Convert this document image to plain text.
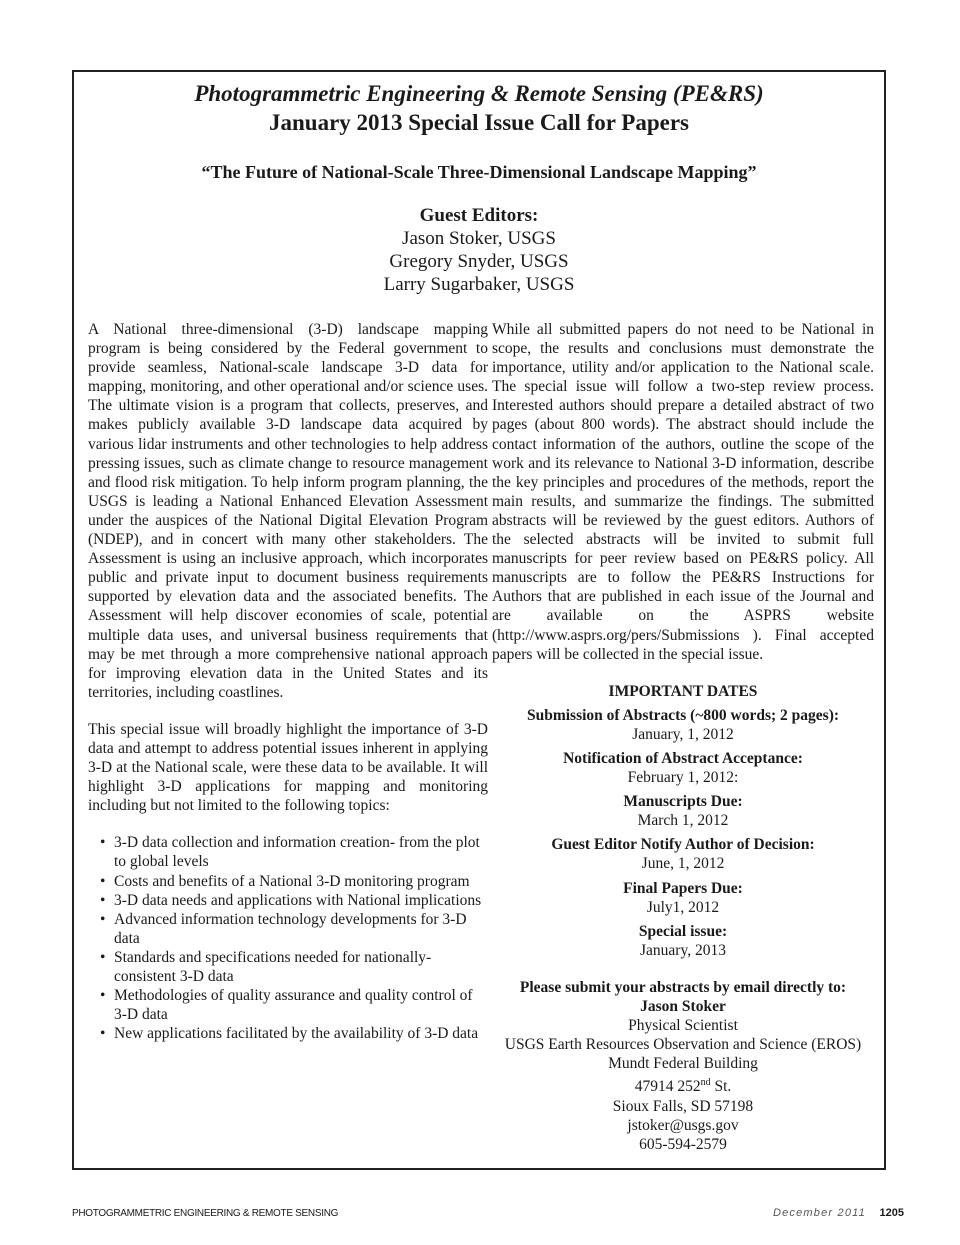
Photogrammetric Engineering & Remote Sensing (PE&RS)
January 2013 Special Issue Call for Papers
“The Future of National-Scale Three-Dimensional Landscape Mapping”
Guest Editors:
Jason Stoker, USGS
Gregory Snyder, USGS
Larry Sugarbaker, USGS

A National three-dimensional (3-D) landscape mapping program is being considered by the Federal government to provide seamless, National-scale landscape 3-D data for mapping, monitoring, and other operational and/or science uses. The ultimate vision is a program that collects, preserves, and makes publicly available 3-D landscape data acquired by various lidar instruments and other technologies to help address pressing issues, such as climate change to resource management and flood risk mitigation. To help inform program planning, the USGS is leading a National Enhanced Elevation Assessment under the auspices of the National Digital Elevation Program (NDEP), and in concert with many other stakeholders. The Assessment is using an inclusive approach, which incorporates public and private input to document business requirements supported by elevation data and the associated benefits. The Assessment will help discover economies of scale, potential multiple data uses, and universal business requirements that may be met through a more comprehensive national approach for improving elevation data in the United States and its territories, including coastlines.

This special issue will broadly highlight the importance of 3-D data and attempt to address potential issues inherent in applying 3-D at the National scale, were these data to be available. It will highlight 3-D applications for mapping and monitoring including but not limited to the following topics:

• 3-D data collection and information creation- from the plot to global levels
• Costs and benefits of a National 3-D monitoring program
• 3-D data needs and applications with National implications
• Advanced information technology developments for 3-D data
• Standards and specifications needed for nationally-consistent 3-D data
• Methodologies of quality assurance and quality control of 3-D data
• New applications facilitated by the availability of 3-D data

While all submitted papers do not need to be National in scope, the results and conclusions must demonstrate the importance, utility and/or application to the National scale. The special issue will follow a two-step review process. Interested authors should prepare a detailed abstract of two pages (about 800 words). The abstract should include the contact information of the authors, outline the scope of the work and its relevance to National 3-D information, describe the key principles and procedures of the methods, report the main results, and summarize the findings. The submitted abstracts will be reviewed by the guest editors. Authors of the selected abstracts will be invited to submit full manuscripts for peer review based on PE&RS policy. All manuscripts are to follow the PE&RS Instructions for Authors that are published in each issue of the Journal and are available on the ASPRS website (http://www.asprs.org/pers/Submissions ). Final accepted papers will be collected in the special issue.

IMPORTANT DATES
Submission of Abstracts (~800 words; 2 pages):
January, 1, 2012
Notification of Abstract Acceptance:
February 1, 2012:
Manuscripts Due:
March 1, 2012
Guest Editor Notify Author of Decision:
June, 1, 2012
Final Papers Due:
July1, 2012
Special issue:
January, 2013
Please submit your abstracts by email directly to:
Jason Stoker
Physical Scientist
USGS Earth Resources Observation and Science (EROS)
Mundt Federal Building
47914 252nd St.
Sioux Falls, SD 57198
jstoker@usgs.gov
605-594-2579
PHOTOGRAMMETRIC ENGINEERING & REMOTE SENSING	December 2011 1205
